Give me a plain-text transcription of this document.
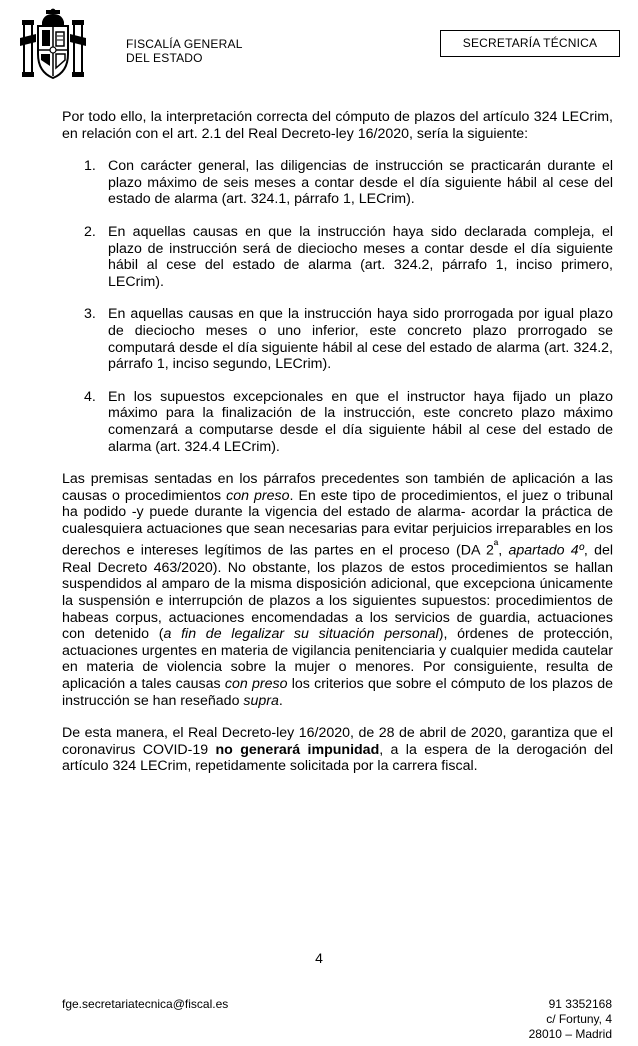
FISCALÍA GENERAL
DEL ESTADO
SECRETARÍA TÉCNICA

Por todo ello, la interpretación correcta del cómputo de plazos del artículo 324 LECrim, en relación con el art. 2.1 del Real Decreto-ley 16/2020, sería la siguiente:

1. Con carácter general, las diligencias de instrucción se practicarán durante el plazo máximo de seis meses a contar desde el día siguiente hábil al cese del estado de alarma (art. 324.1, párrafo 1, LECrim).
2. En aquellas causas en que la instrucción haya sido declarada compleja, el plazo de instrucción será de dieciocho meses a contar desde el día siguiente hábil al cese del estado de alarma (art. 324.2, párrafo 1, inciso primero, LECrim).
3. En aquellas causas en que la instrucción haya sido prorrogada por igual plazo de dieciocho meses o uno inferior, este concreto plazo prorrogado se computará desde el día siguiente hábil al cese del estado de alarma (art. 324.2, párrafo 1, inciso segundo, LECrim).
4. En los supuestos excepcionales en que el instructor haya fijado un plazo máximo para la finalización de la instrucción, este concreto plazo máximo comenzará a computarse desde el día siguiente hábil al cese del estado de alarma (art. 324.4 LECrim).

Las premisas sentadas en los párrafos precedentes son también de aplicación a las causas o procedimientos con preso. En este tipo de procedimientos, el juez o tribunal ha podido -y puede durante la vigencia del estado de alarma- acordar la práctica de cualesquiera actuaciones que sean necesarias para evitar perjuicios irreparables en los derechos e intereses legítimos de las partes en el proceso (DA $2^ª$, apartado 4º, del Real Decreto 463/2020). No obstante, los plazos de estos procedimientos se hallan suspendidos al amparo de la misma disposición adicional, que excepciona únicamente la suspensión e interrupción de plazos a los siguientes supuestos: procedimientos de habeas corpus, actuaciones encomendadas a los servicios de guardia, actuaciones con detenido (a fin de legalizar su situación personal), órdenes de protección, actuaciones urgentes en materia de vigilancia penitenciaria y cualquier medida cautelar en materia de violencia sobre la mujer o menores. Por consiguiente, resulta de aplicación a tales causas con preso los criterios que sobre el cómputo de los plazos de instrucción se han reseñado supra.

De esta manera, el Real Decreto-ley 16/2020, de 28 de abril de 2020, garantiza que el coronavirus COVID-19 no generará impunidad, a la espera de la derogación del artículo 324 LECrim, repetidamente solicitada por la carrera fiscal.

4
fge.secretariatecnica@fiscal.es	91 3352168
c/ Fortuny, 4
28010 – Madrid
